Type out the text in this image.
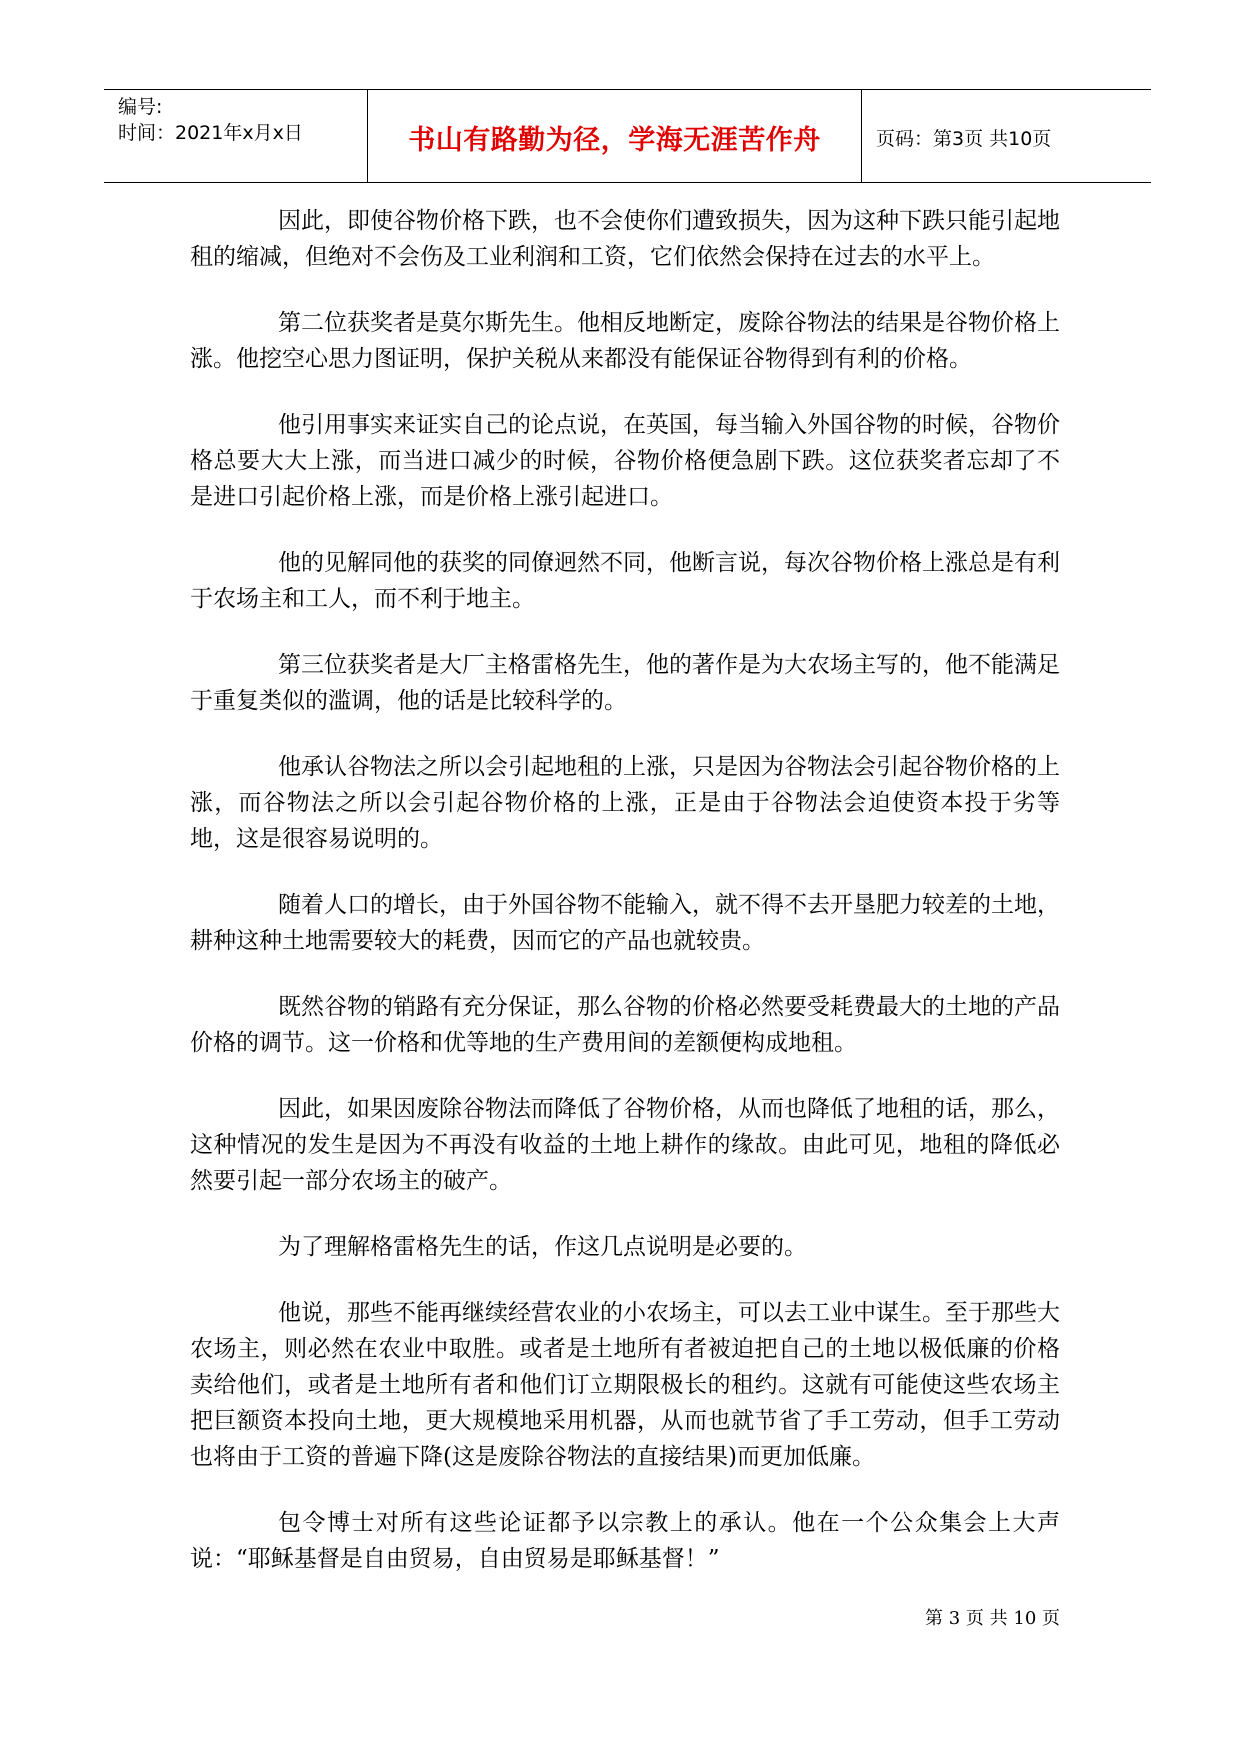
编号:
时间：2021年x月x日	书山有路勤为径，学海无涯苦作舟	页码：第3页 共10页

因此，即使谷物价格下跌，也不会使你们遭致损失，因为这种下跌只能引起地租的缩减，但绝对不会伤及工业利润和工资，它们依然会保持在过去的水平上。

第二位获奖者是莫尔斯先生。他相反地断定，废除谷物法的结果是谷物价格上涨。他挖空心思力图证明，保护关税从来都没有能保证谷物得到有利的价格。

他引用事实来证实自己的论点说，在英国，每当输入外国谷物的时候，谷物价格总要大大上涨，而当进口减少的时候，谷物价格便急剧下跌。这位获奖者忘却了不是进口引起价格上涨，而是价格上涨引起进口。

他的见解同他的获奖的同僚迥然不同，他断言说，每次谷物价格上涨总是有利于农场主和工人，而不利于地主。

第三位获奖者是大厂主格雷格先生，他的著作是为大农场主写的，他不能满足于重复类似的滥调，他的话是比较科学的。

他承认谷物法之所以会引起地租的上涨，只是因为谷物法会引起谷物价格的上涨，而谷物法之所以会引起谷物价格的上涨，正是由于谷物法会迫使资本投于劣等地，这是很容易说明的。

随着人口的增长，由于外国谷物不能输入，就不得不去开垦肥力较差的土地，耕种这种土地需要较大的耗费，因而它的产品也就较贵。

既然谷物的销路有充分保证，那么谷物的价格必然要受耗费最大的土地的产品价格的调节。这一价格和优等地的生产费用间的差额便构成地租。

因此，如果因废除谷物法而降低了谷物价格，从而也降低了地租的话，那么，这种情况的发生是因为不再没有收益的土地上耕作的缘故。由此可见，地租的降低必然要引起一部分农场主的破产。

为了理解格雷格先生的话，作这几点说明是必要的。

他说，那些不能再继续经营农业的小农场主，可以去工业中谋生。至于那些大农场主，则必然在农业中取胜。或者是土地所有者被迫把自己的土地以极低廉的价格卖给他们，或者是土地所有者和他们订立期限极长的租约。这就有可能使这些农场主把巨额资本投向土地，更大规模地采用机器，从而也就节省了手工劳动，但手工劳动也将由于工资的普遍下降(这是废除谷物法的直接结果)而更加低廉。

包令博士对所有这些论证都予以宗教上的承认。他在一个公众集会上大声说：“耶稣基督是自由贸易，自由贸易是耶稣基督！”

第 3 页 共 10 页
